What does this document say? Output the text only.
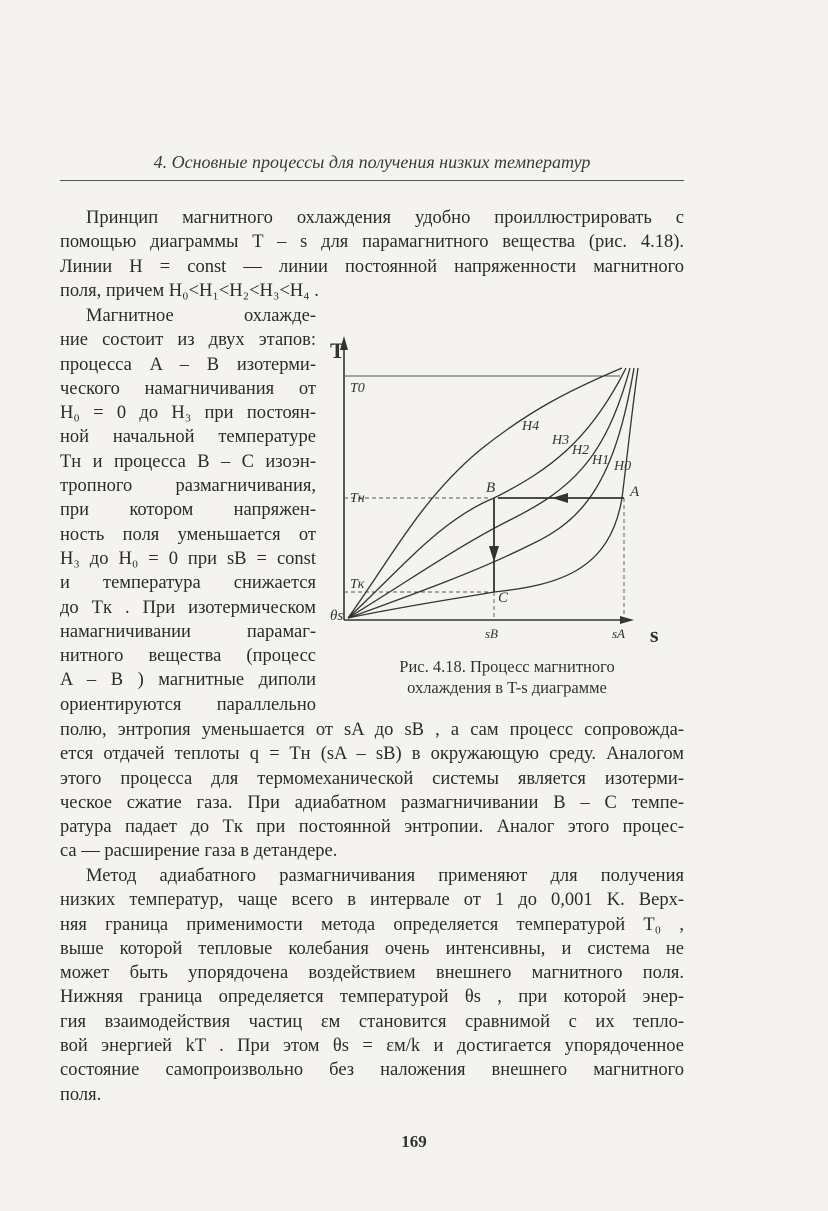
4. Основные процессы для получения низких температур
Принцип магнитного охлаждения удобно проиллюстрировать с
помощью диаграммы T – s для парамагнитного вещества (рис. 4.18).
Линии H = const — линии постоянной напряженности магнитного
поля, причем H₀<H₁<H₂<H₃<H₄ .
Магнитное охлажде-
ние состоит из двух этапов:
процесса A – B изотерми-
ческого намагничивания от
H₀ = 0 до H₃ при постоян-
ной начальной температуре
Tн и процесса B – C изоэн-
тропного размагничивания,
при котором напряжен-
ность поля уменьшается от
H₃ до H₀ = 0 при sB = const
и температура снижается
до Tк . При изотермическом
намагничивании парамаг-
нитного вещества (процесс
A – B ) магнитные диполи
ориентируются параллельно
T
s
T0
Tн
Tк
θs
sB	sA
A
B
C
H4
H3
H2
H1 H0
Рис. 4.18. Процесс магнитного
охлаждения в T-s диаграмме
полю, энтропия уменьшается от sA до sB , а сам процесс сопровожда-
ется отдачей теплоты q = Tн (sA – sB) в окружающую среду. Аналогом
этого процесса для термомеханической системы является изотерми-
ческое сжатие газа. При адиабатном размагничивании B – C темпе-
ратура падает до Tк при постоянной энтропии. Аналог этого процес-
са — расширение газа в детандере.
Метод адиабатного размагничивания применяют для получения
низких температур, чаще всего в интервале от 1 до 0,001 K. Верх-
няя граница применимости метода определяется температурой T₀ ,
выше которой тепловые колебания очень интенсивны, и система не
может быть упорядочена воздействием внешнего магнитного поля.
Нижняя граница определяется температурой θs , при которой энер-
гия взаимодействия частиц εм становится сравнимой с их тепло-
вой энергией kT . При этом θs = εм/k и достигается упорядоченное
состояние самопроизвольно без наложения внешнего магнитного
поля.
169
